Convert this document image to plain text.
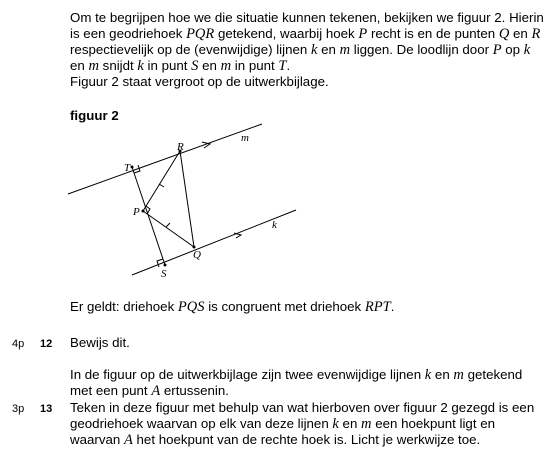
Om te begrijpen hoe we die situatie kunnen tekenen, bekijken we figuur 2. Hierin
is een geodriehoek PQR getekend, waarbij hoek P recht is en de punten Q en R
respectievelijk op de (evenwijdige) lijnen k en m liggen. De loodlijn door P op k
en m snijdt k in punt S en m in punt T.
Figuur 2 staat vergroot op de uitwerkbijlage.
figuur 2
T
R
P
Q
S
m
k
Er geldt: driehoek PQS is congruent met driehoek RPT.
4p 12 Bewijs dit.
In de figuur op de uitwerkbijlage zijn twee evenwijdige lijnen k en m getekend
met een punt A ertussenin.
3p 13 Teken in deze figuur met behulp van wat hierboven over figuur 2 gezegd is een
geodriehoek waarvan op elk van deze lijnen k en m een hoekpunt ligt en
waarvan A het hoekpunt van de rechte hoek is. Licht je werkwijze toe.
